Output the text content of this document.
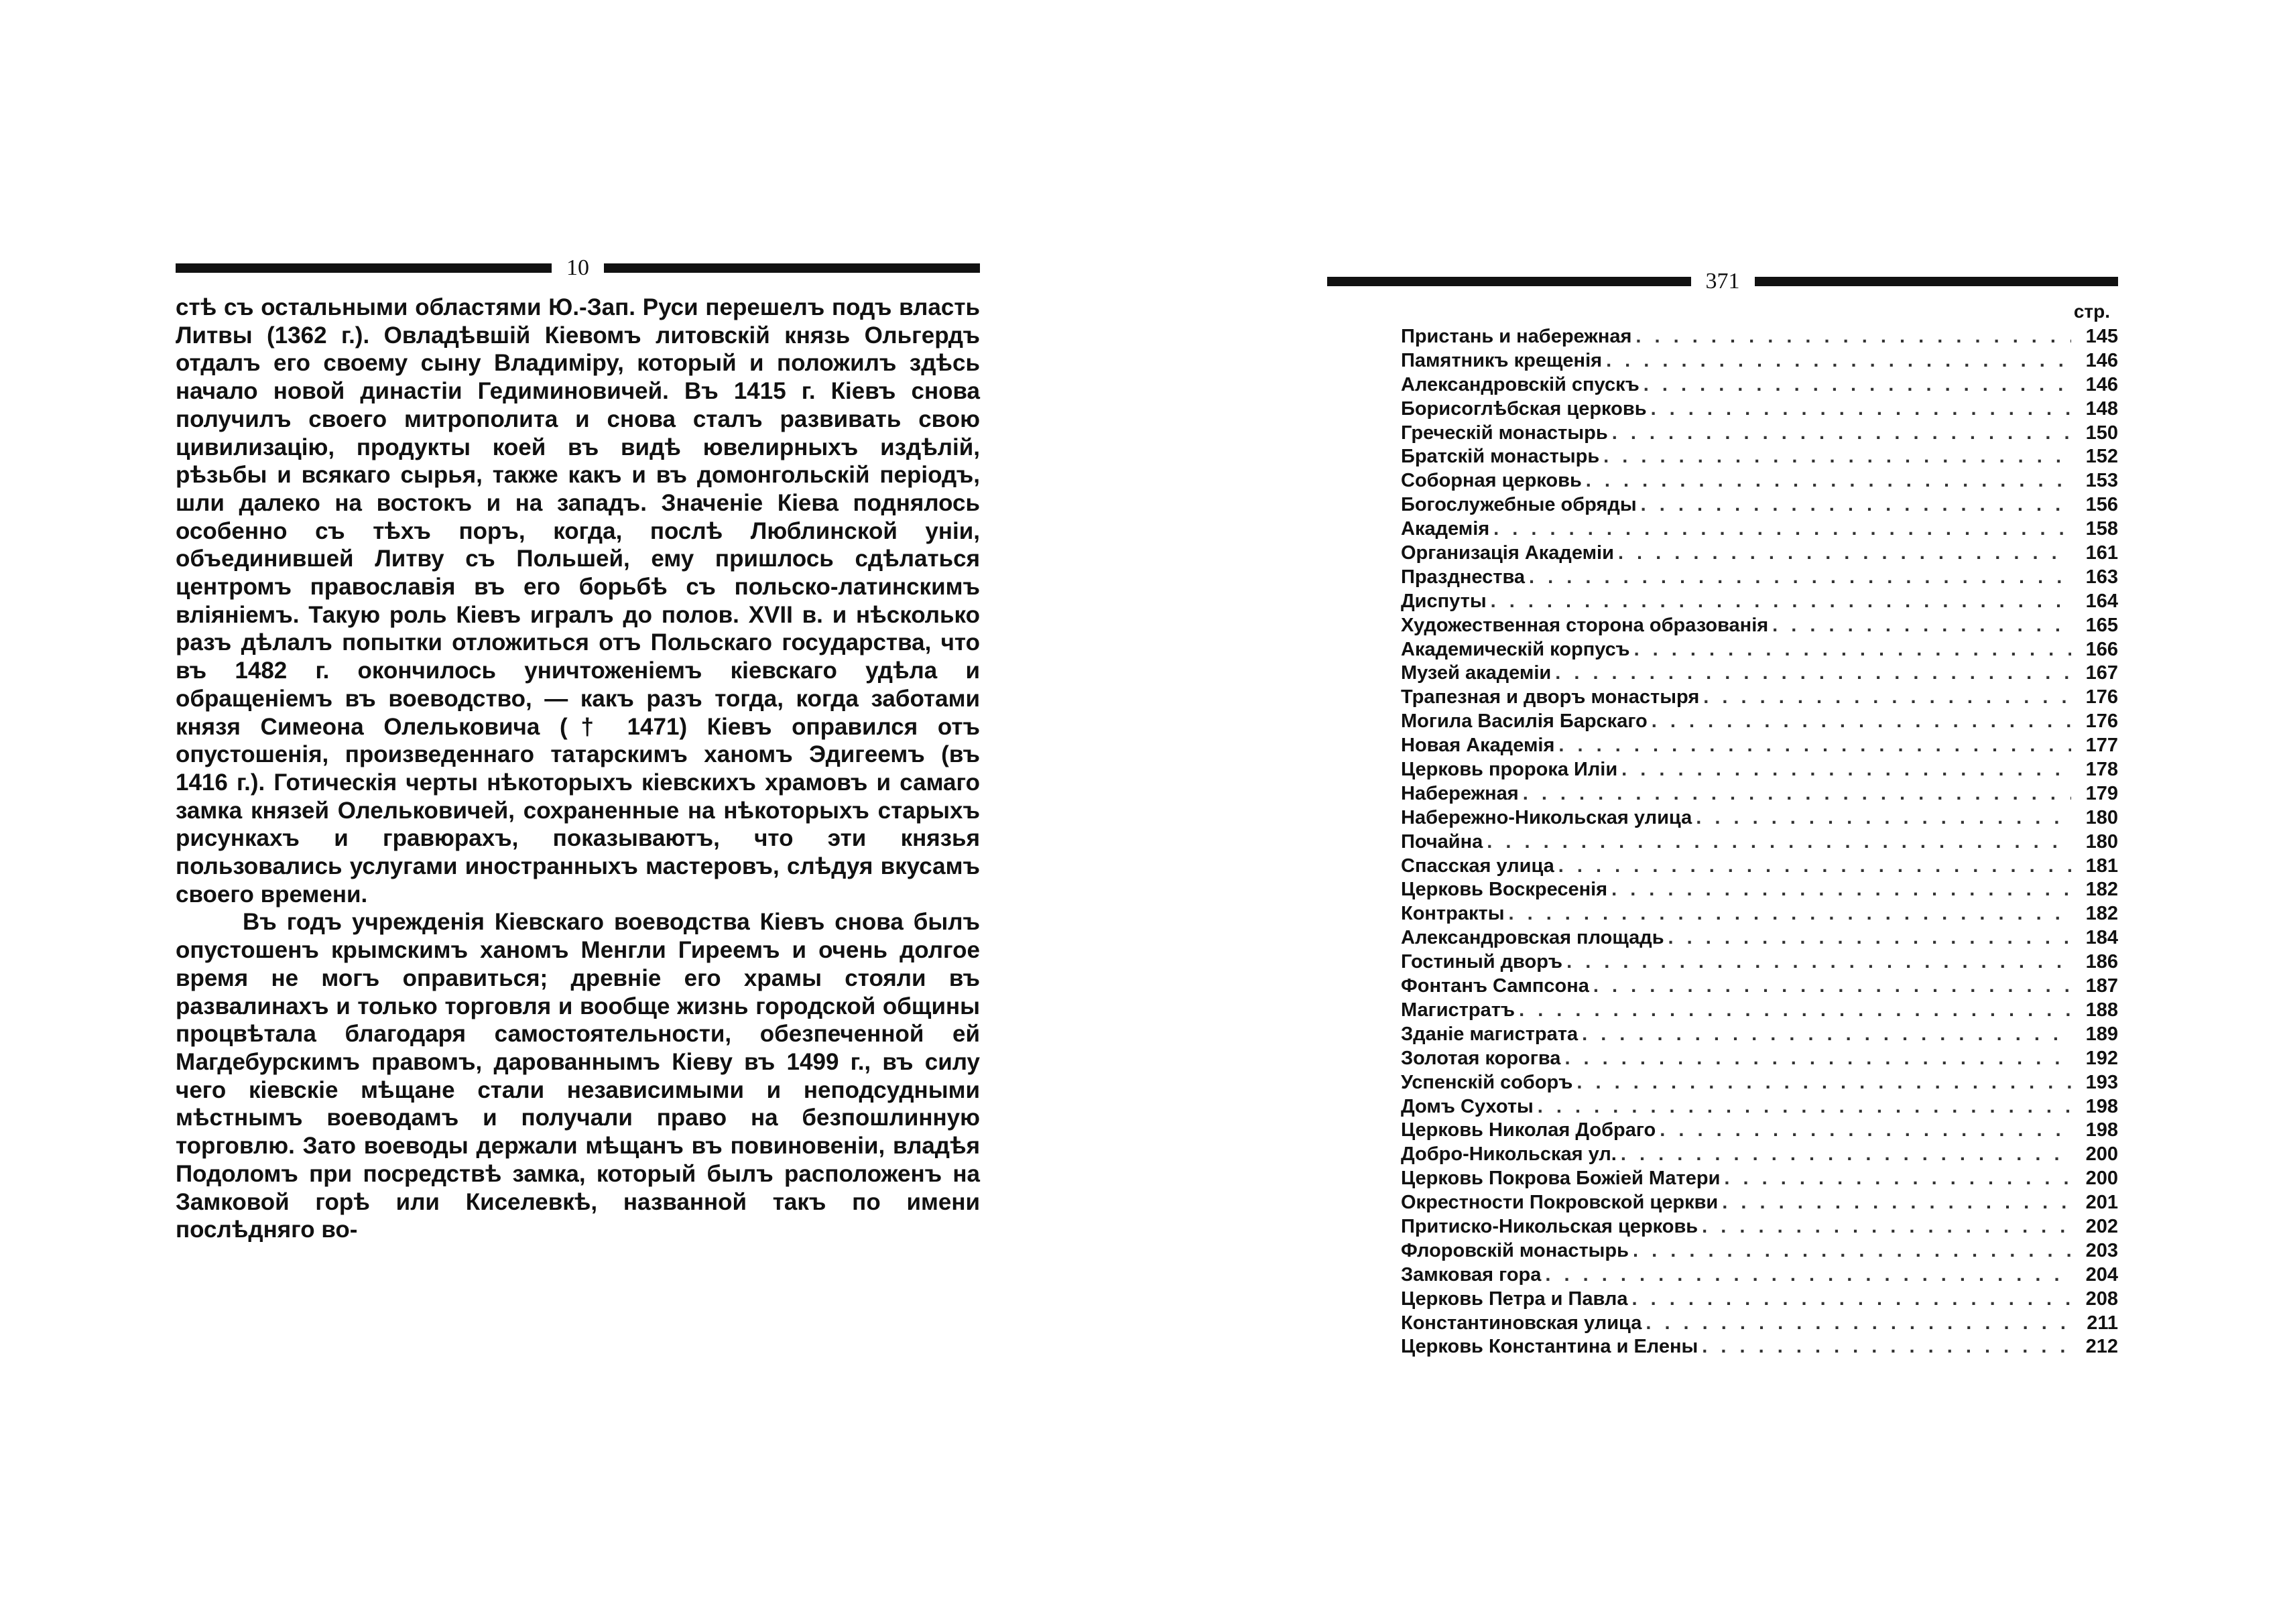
10

стѣ съ остальными областями Ю.-Зап. Руси перешелъ подъ власть Литвы (1362 г.). Овладѣвшій Кіевомъ литовскій князь Ольгердъ отдалъ его своему сыну Владиміру, который и положилъ здѣсь начало новой династіи Гедиминовичей. Въ 1415 г. Кіевъ снова получилъ своего митрополита и снова сталъ развивать свою цивилизацію, продукты коей въ видѣ ювелирныхъ издѣлій, рѣзьбы и всякаго сырья, также какъ и въ домонгольскій періодъ, шли далеко на востокъ и на западъ. Значеніе Кіева поднялось особенно съ тѣхъ поръ, когда, послѣ Люблинской уніи, объединившей Литву съ Польшей, ему пришлось сдѣлаться центромъ православія въ его борьбѣ съ польско-латинскимъ вліяніемъ. Такую роль Кіевъ игралъ до полов. XVII в. и нѣсколько разъ дѣлалъ попытки отложиться отъ Польскаго государства, что въ 1482 г. окончилось уничтоженіемъ кіевскаго удѣла и обращеніемъ въ воеводство, — какъ разъ тогда, когда заботами князя Симеона Олельковича († 1471) Кіевъ оправился отъ опустошенія, произведеннаго татарскимъ ханомъ Эдигеемъ (въ 1416 г.). Готическія черты нѣкоторыхъ кіевскихъ храмовъ и самаго замка князей Олельковичей, сохраненные на нѣкоторыхъ старыхъ рисункахъ и гравюрахъ, показываютъ, что эти князья пользовались услугами иностранныхъ мастеровъ, слѣдуя вкусамъ своего времени.

Въ годъ учрежденія Кіевскаго воеводства Кіевъ снова былъ опустошенъ крымскимъ ханомъ Менгли Гиреемъ и очень долгое время не могъ оправиться; древніе его храмы стояли въ развалинахъ и только торговля и вообще жизнь городской общины процвѣтала благодаря самостоятельности, обезпеченной ей Магдебурскимъ правомъ, дарованнымъ Кіеву въ 1499 г., въ силу чего кіевскіе мѣщане стали независимыми и неподсудными мѣстнымъ воеводамъ и получали право на безпошлинную торговлю. Зато воеводы держали мѣщанъ въ повиновеніи, владѣя Подоломъ при посредствѣ замка, который былъ расположенъ на Замковой горѣ или Киселевкѣ, названной такъ по имени послѣдняго во-

371
стр.
Пристань и набережная . . .	145
Памятникъ крещенія . . .	146
Александровскій спускъ . . .	146
Борисоглѣбская церковь . . .	148
Греческій монастырь . . .	150
Братскій монастырь . . .	152
Соборная церковь . . .	153
Богослужебные обряды . . .	156
Академія . . .	158
Организація Академіи . . .	161
Празднества . . .	163
Диспуты . . .	164
Художественная сторона образованія . . .	165
Академическій корпусъ . . .	166
Музей академіи . . .	167
Трапезная и дворъ монастыря . . .	176
Могила Василія Барскаго . . .	176
Новая Академія . . .	177
Церковь пророка Иліи . . .	178
Набережная . . .	179
Набережно-Никольская улица . . .	180
Почайна . . .	180
Спасская улица . . .	181
Церковь Воскресенія . . .	182
Контракты . . .	182
Александровская площадь . . .	184
Гостиный дворъ . . .	186
Фонтанъ Сампсона . . .	187
Магистратъ . . .	188
Зданіе магистрата . . .	189
Золотая корогва . . .	192
Успенскій соборъ . . .	193
Домъ Сухоты . . .	198
Церковь Николая Добраго . . .	198
Добро-Никольская ул. . . .	200
Церковь Покрова Божіей Матери . . .	200
Окрестности Покровской церкви . . .	201
Притиско-Никольская церковь . . .	202
Флоровскій монастырь . . .	203
Замковая гора . . .	204
Церковь Петра и Павла . . .	208
Константиновская улица . . .	211
Церковь Константина и Елены . . .	212
